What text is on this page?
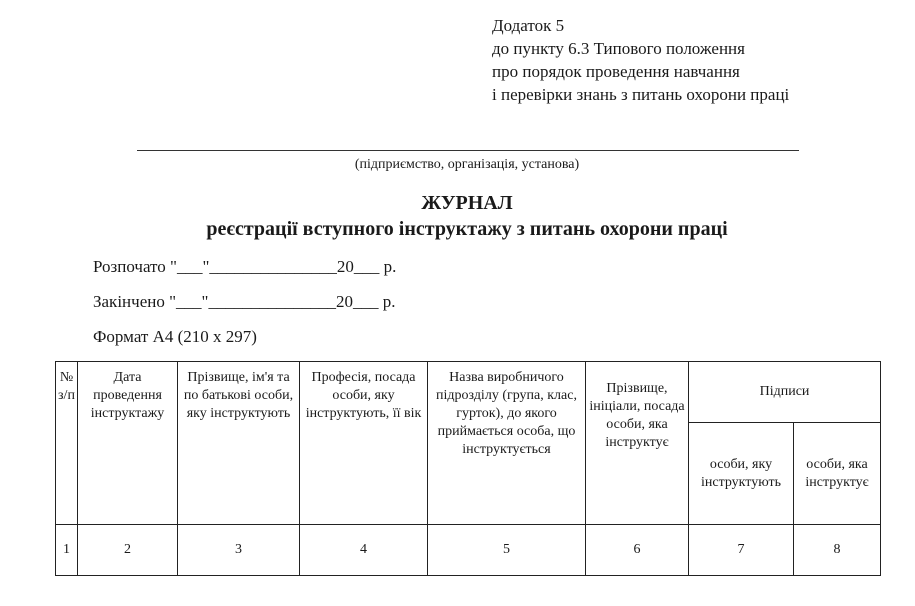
Додаток 5
до пункту 6.3 Типового положення
про порядок проведення навчання
і перевірки знань з питань охорони праці
(підприємство, організація, установа)
ЖУРНАЛ
реєстрації вступного інструктажу з питань охорони праці
Розпочато "___"_______________20___ р.
Закінчено "___"_______________20___ р.
Формат А4 (210 х 297)
№ з/п	Дата проведення інструктажу	Прізвище, ім'я та по батькові особи, яку інструктують	Професія, посада особи, яку інструктують, її вік	Назва виробничого підрозділу (група, клас, гурток), до якого приймається особа, що інструктується	Прізвище, ініціали, посада особи, яка інструктує	Підписи	
						особи, яку інструктують	особи, яка інструктує
1	2	3	4	5	6	7	8
